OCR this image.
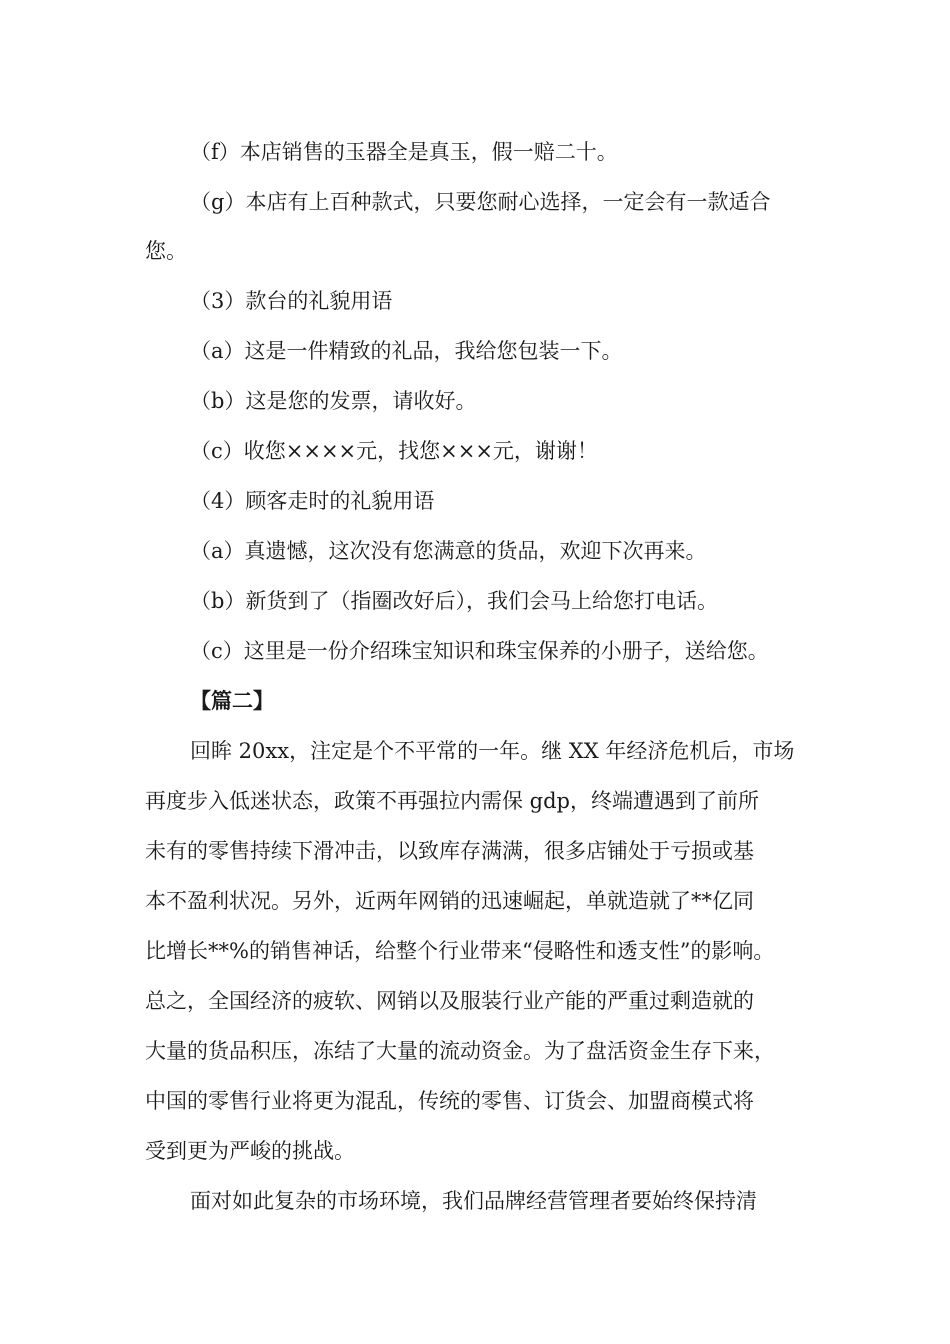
（f）本店销售的玉器全是真玉，假一赔二十。
（g）本店有上百种款式，只要您耐心选择，一定会有一款适合
您。
（3）款台的礼貌用语
（a）这是一件精致的礼品，我给您包装一下。
（b）这是您的发票，请收好。
（c）收您××××元，找您×××元，谢谢！
（4）顾客走时的礼貌用语
（a）真遗憾，这次没有您满意的货品，欢迎下次再来。
（b）新货到了（指圈改好后），我们会马上给您打电话。
（c）这里是一份介绍珠宝知识和珠宝保养的小册子，送给您。
【篇二】
回眸 20xx，注定是个不平常的一年。继 XX 年经济危机后，市场
再度步入低迷状态，政策不再强拉内需保 gdp，终端遭遇到了前所
未有的零售持续下滑冲击，以致库存满满，很多店铺处于亏损或基
本不盈利状况。另外，近两年网销的迅速崛起，单就造就了**亿同
比增长**%的销售神话，给整个行业带来“侵略性和透支性”的影响。
总之，全国经济的疲软、网销以及服装行业产能的严重过剩造就的
大量的货品积压，冻结了大量的流动资金。为了盘活资金生存下来，
中国的零售行业将更为混乱，传统的零售、订货会、加盟商模式将
受到更为严峻的挑战。
面对如此复杂的市场环境，我们品牌经营管理者要始终保持清
